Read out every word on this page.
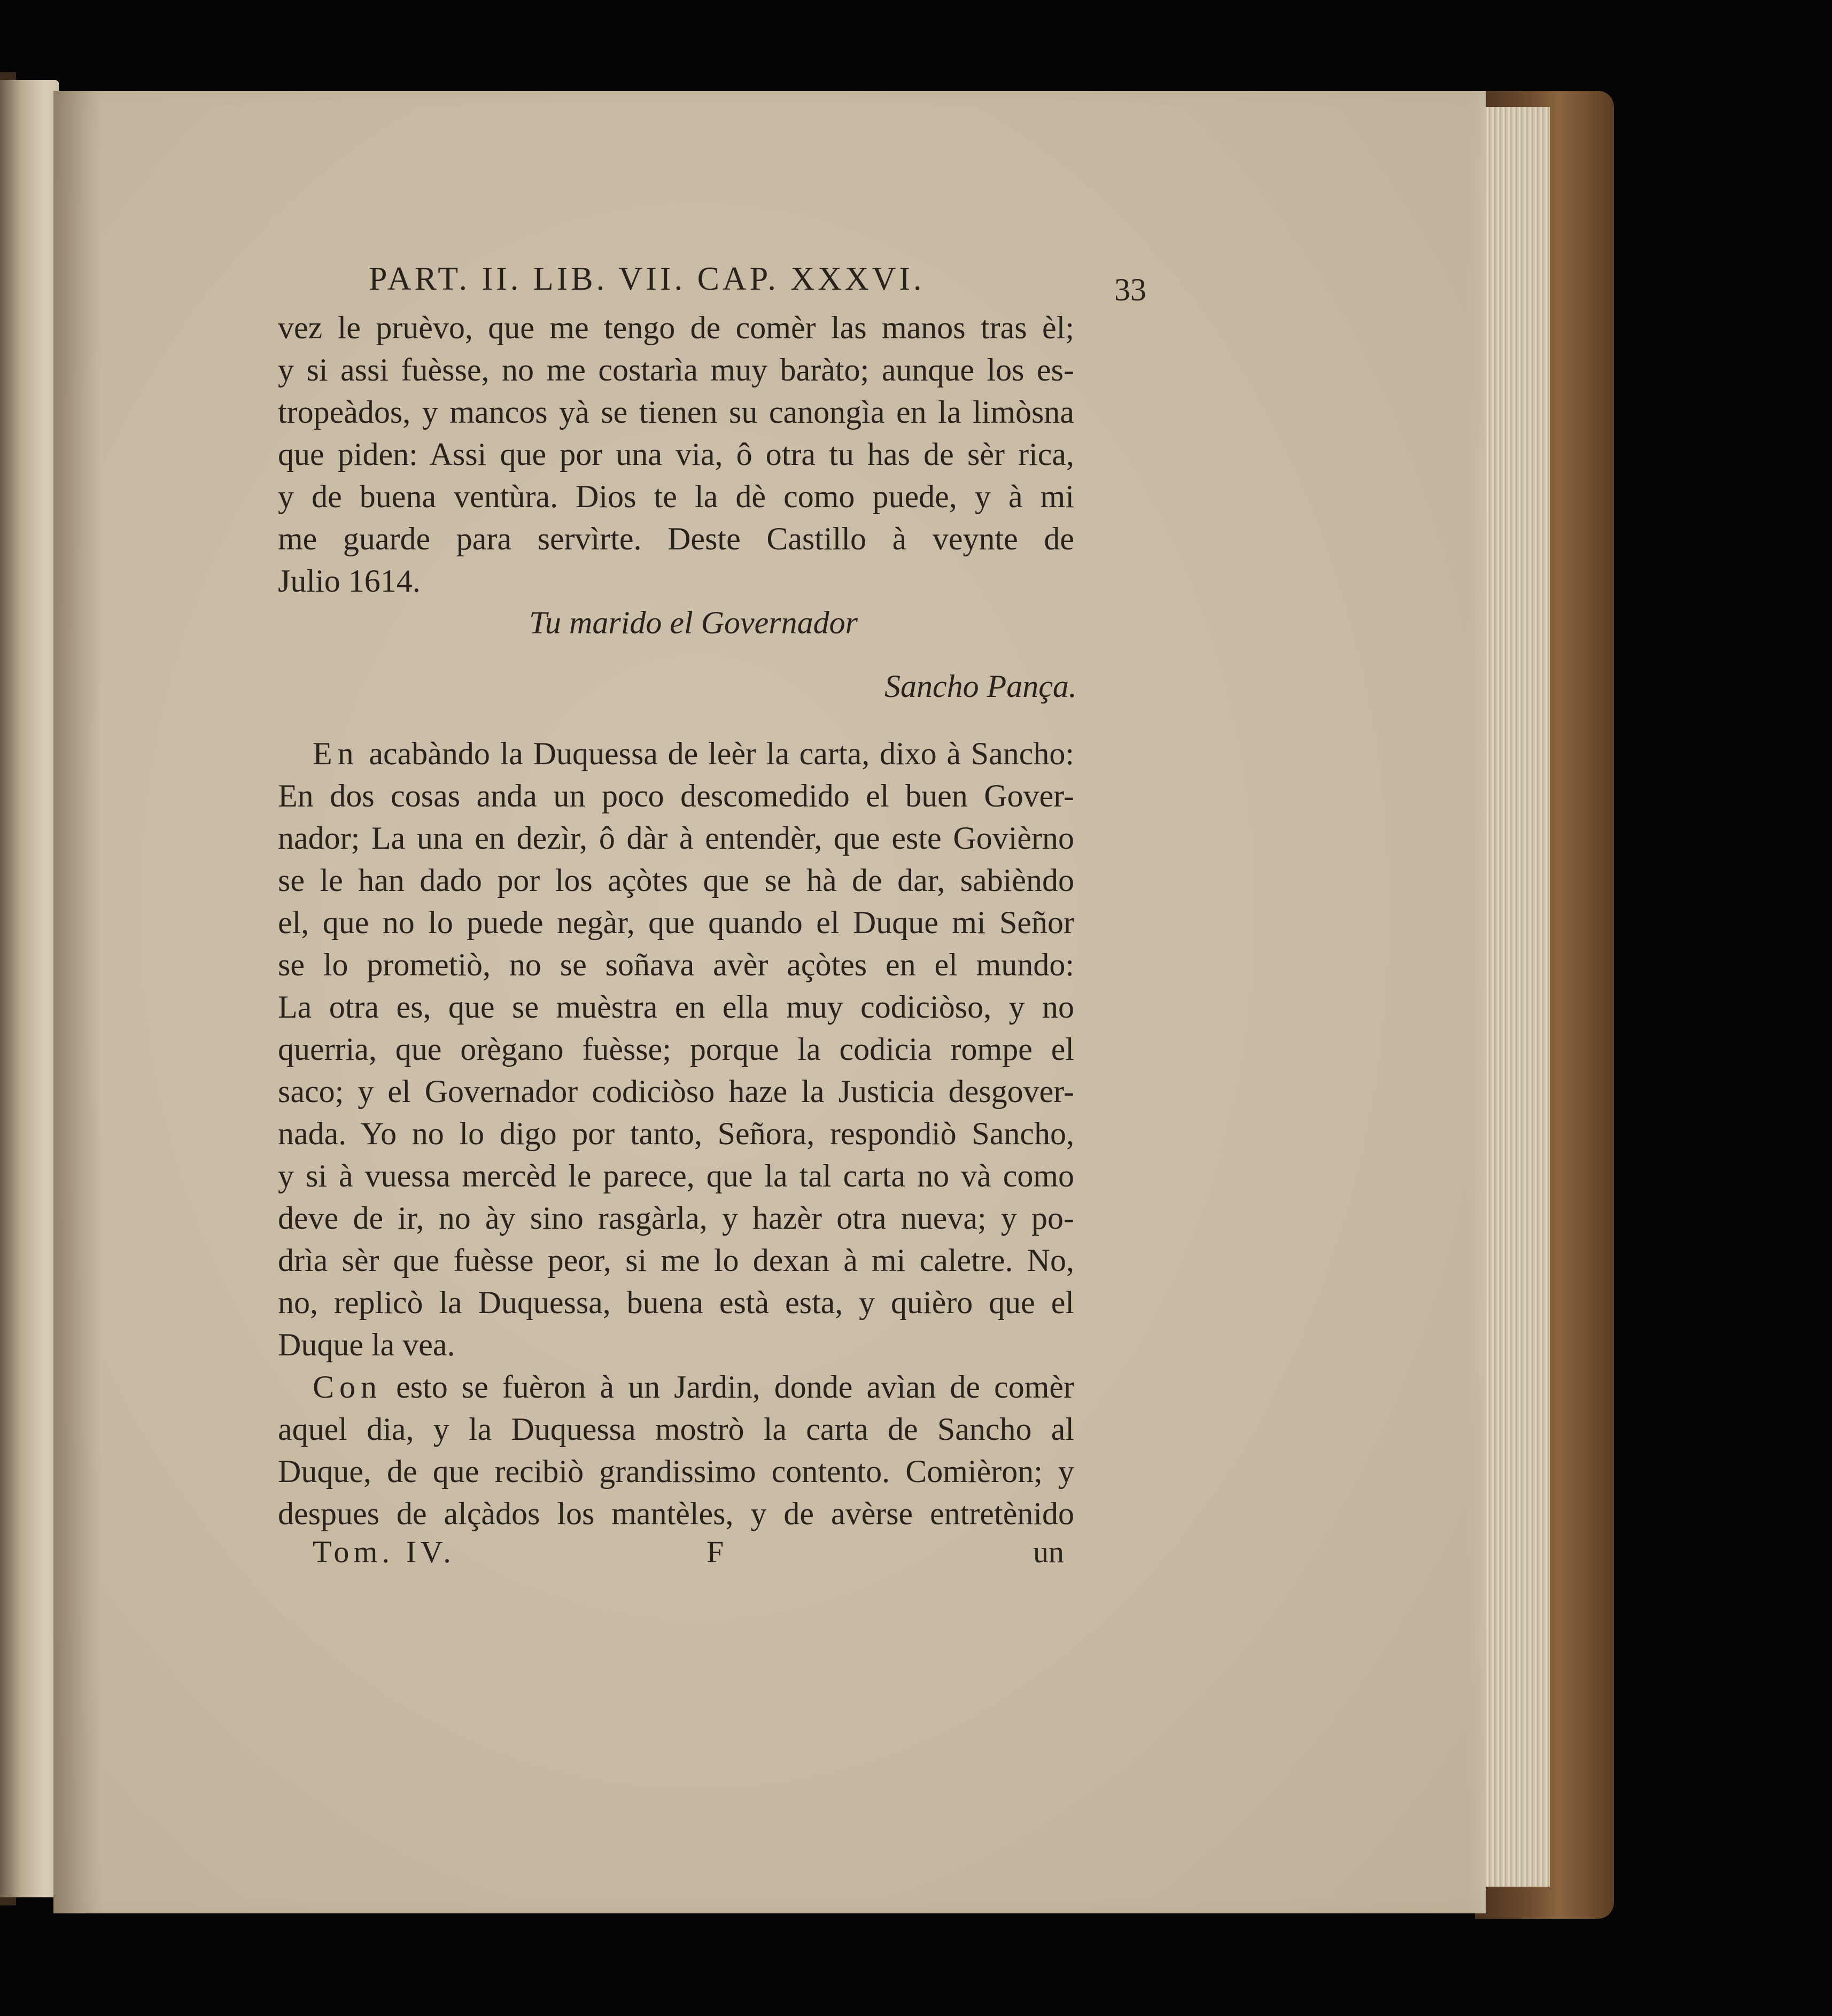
PART. II. LIB. VII. CAP. XXXVI.	33
vez le pruèvo, que me tengo de comèr las manos tras èl;
y si assi fuèsse, no me costarìa muy baràto; aunque los es-
tropeàdos, y mancos yà se tienen su canongìa en la limòsna
que piden: Assi que por una via, ô otra tu has de sèr rica,
y de buena ventùra. Dios te la dè como puede, y à mi
me guarde para servìrte. Deste Castillo à veynte de
Julio 1614.
Tu marido el Governador
Sancho Pança.
En acabàndo la Duquessa de leèr la carta, dixo à Sancho:
En dos cosas anda un poco descomedido el buen Gover-
nador; La una en dezìr, ô dàr à entendèr, que este Govièrno
se le han dado por los açòtes que se hà de dar, sabièndo
el, que no lo puede negàr, que quando el Duque mi Señor
se lo prometiò, no se soñava avèr açòtes en el mundo:
La otra es, que se muèstra en ella muy codiciòso, y no
querria, que orègano fuèsse; porque la codicia rompe el
saco; y el Governador codiciòso haze la Justicia desgover-
nada. Yo no lo digo por tanto, Señora, respondiò Sancho,
y si à vuessa mercèd le parece, que la tal carta no và como
deve de ir, no ày sino rasgàrla, y hazèr otra nueva; y po-
drìa sèr que fuèsse peor, si me lo dexan à mi caletre. No,
no, replicò la Duquessa, buena està esta, y quièro que el
Duque la vea.
Con esto se fuèron à un Jardin, donde avìan de comèr
aquel dia, y la Duquessa mostrò la carta de Sancho al
Duque, de que recibiò grandissimo contento. Comièron; y
despues de alçàdos los mantèles, y de avèrse entretènido
Tom. IV.	F	un
